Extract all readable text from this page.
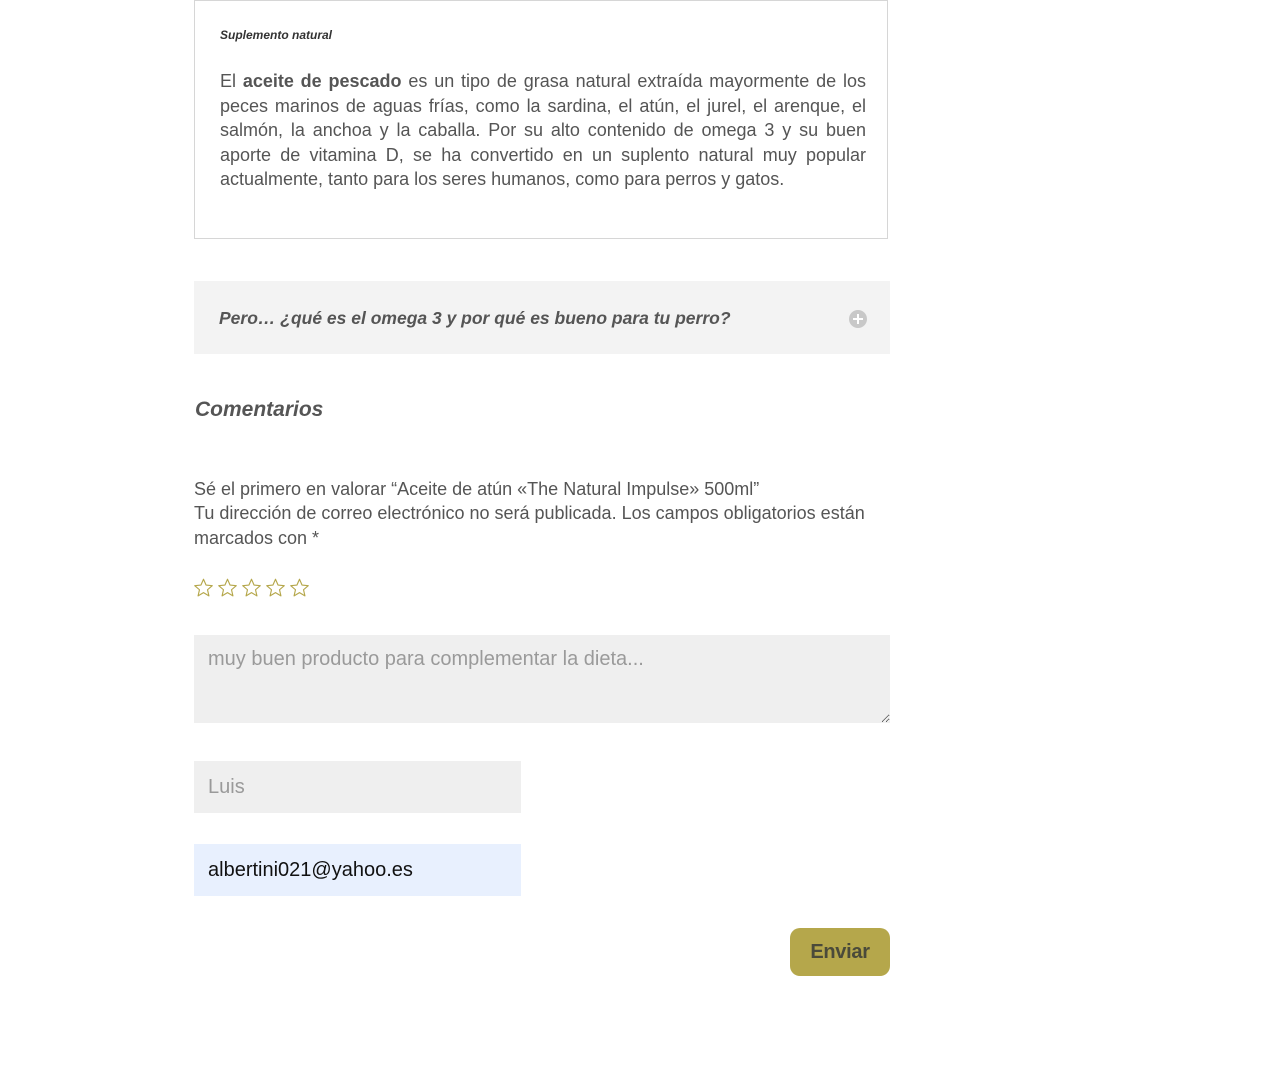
Suplemento natural

El aceite de pescado es un tipo de grasa natural extraída mayormente de los peces marinos de aguas frías, como la sardina, el atún, el jurel, el arenque, el salmón, la anchoa y la caballa. Por su alto contenido de omega 3 y su buen aporte de vitamina D, se ha convertido en un suplento natural muy popular actualmente, tanto para los seres humanos, como para perros y gatos.

Pero… ¿qué es el omega 3 y por qué es bueno para tu perro?
Comentarios
Sé el primero en valorar “Aceite de atún «The Natural Impulse» 500ml”
Tu dirección de correo electrónico no será publicada. Los campos obligatorios están marcados con *
muy buen producto para complementar la dieta...
Luis
albertini021@yahoo.es
Enviar
